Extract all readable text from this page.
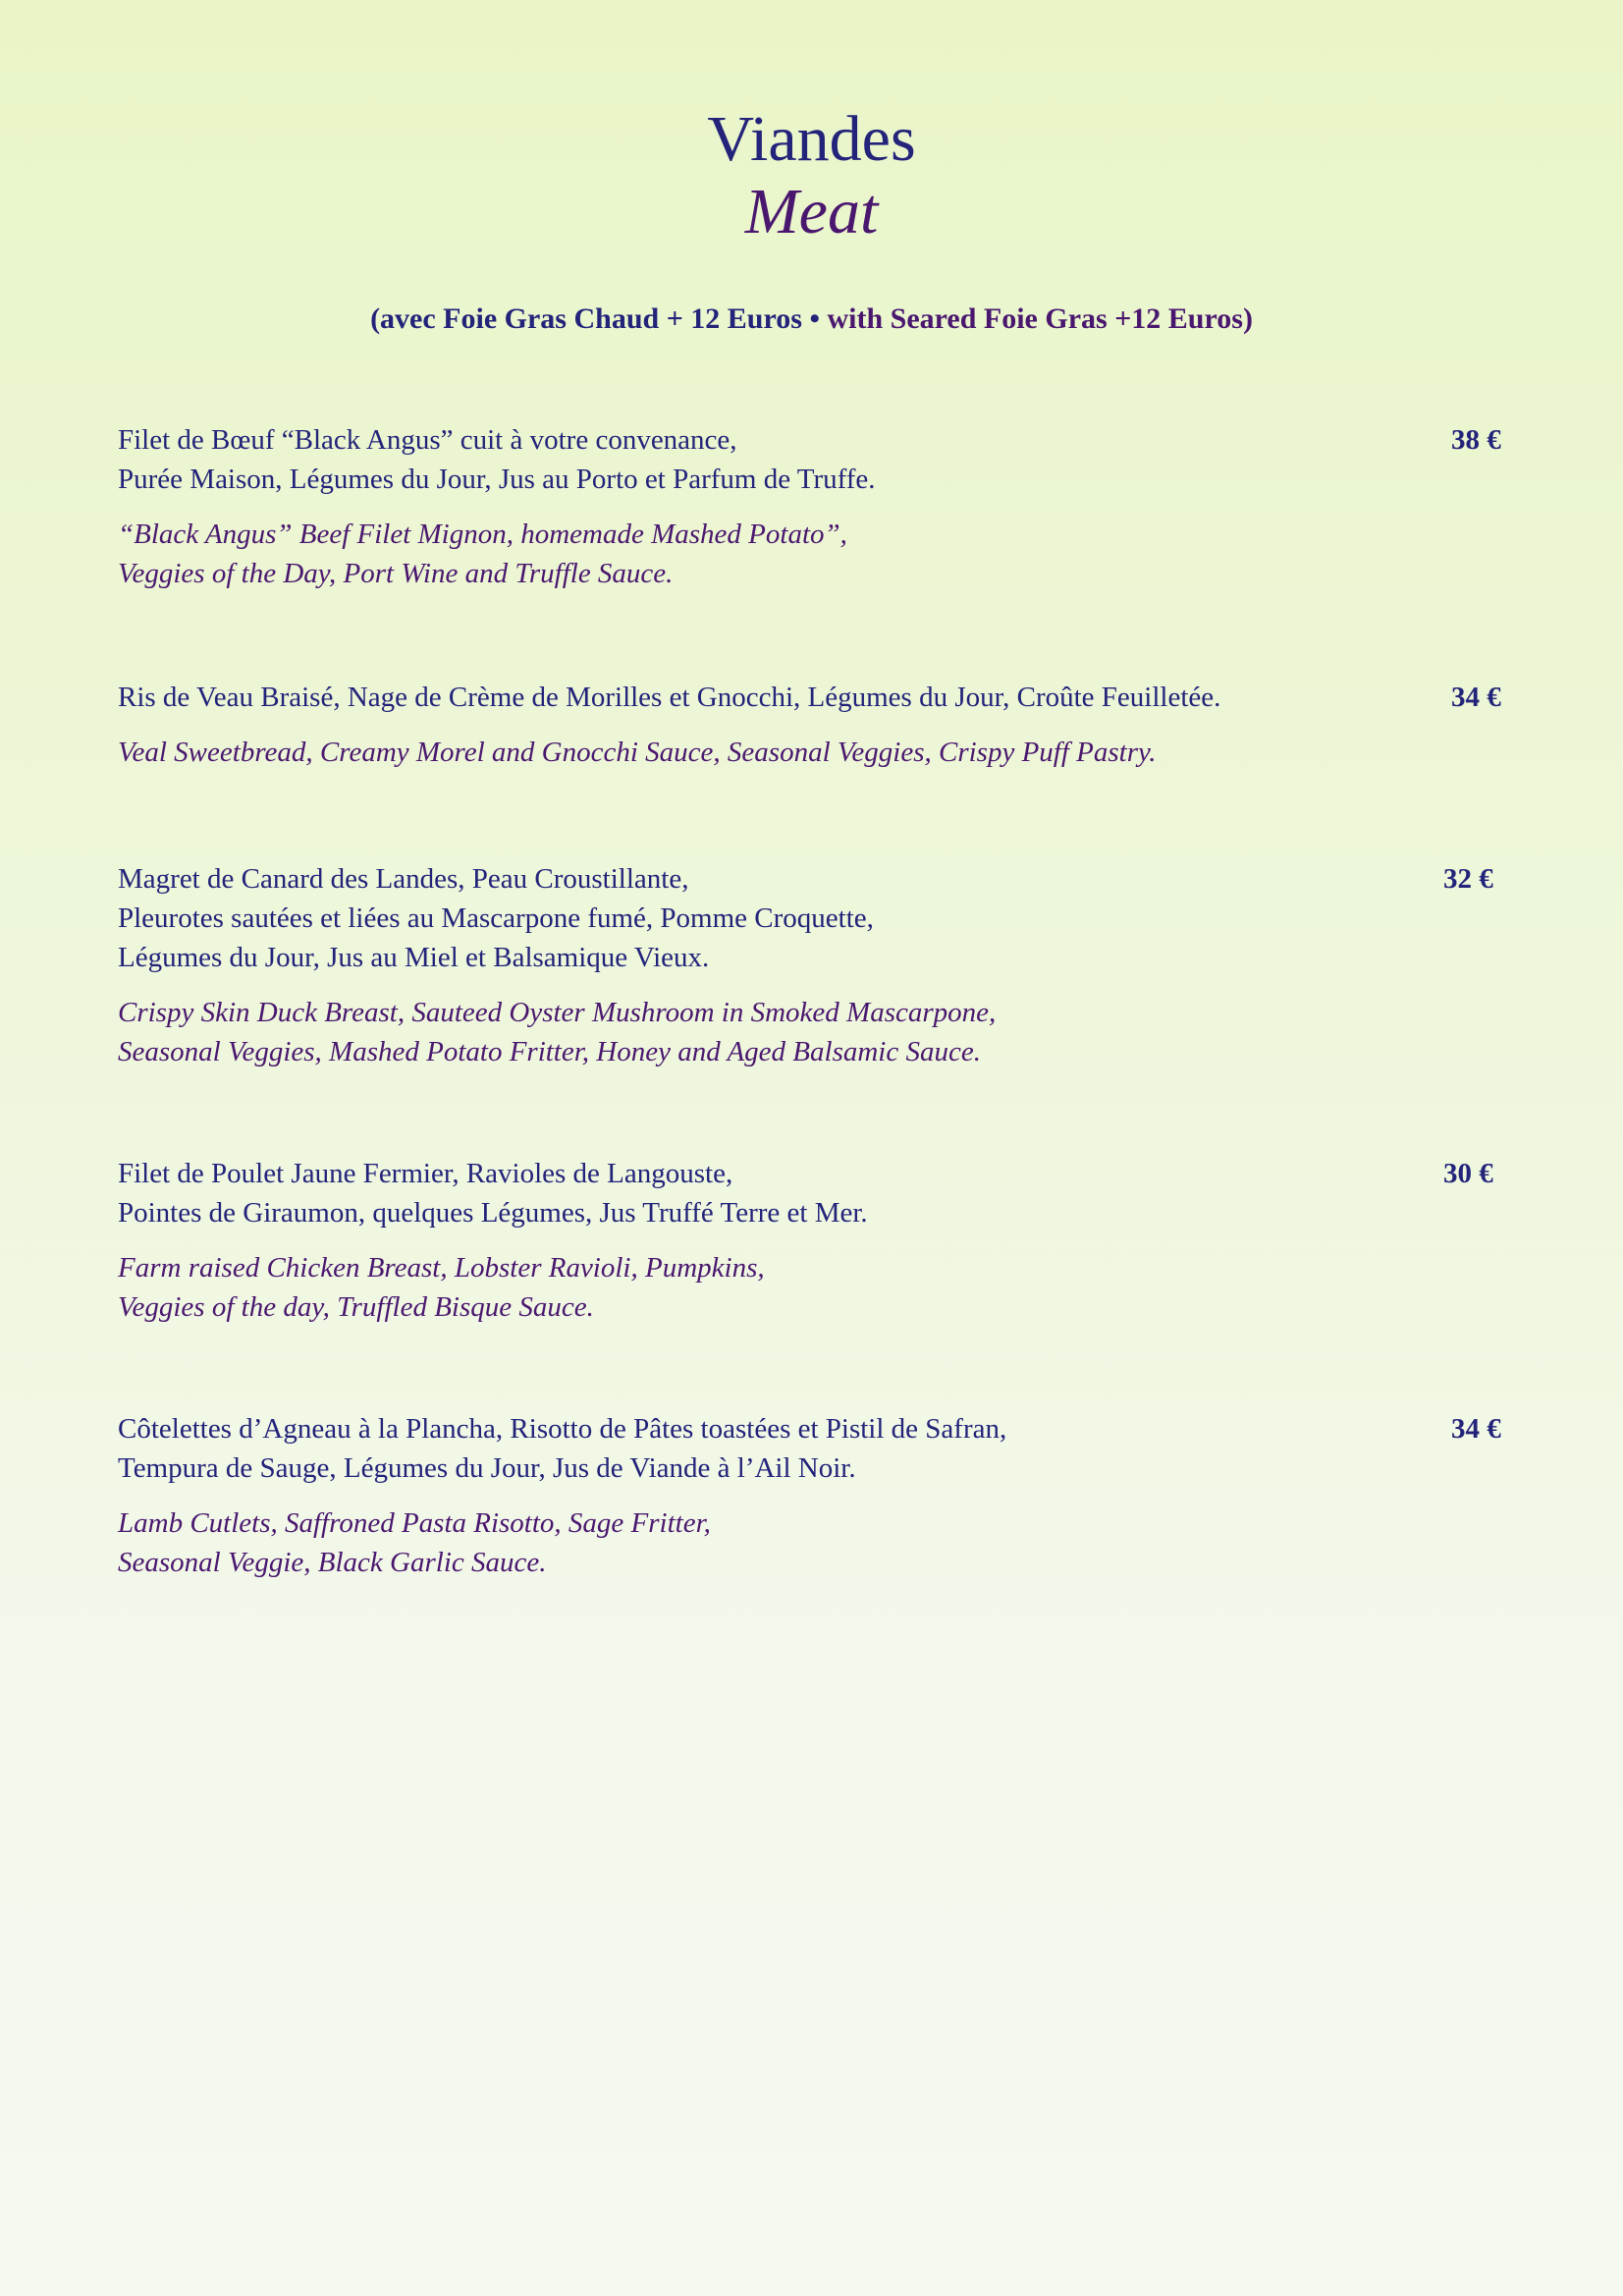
Viandes
Meat
(avec Foie Gras Chaud + 12 Euros • with Seared Foie Gras +12 Euros)
Filet de Bœuf “Black Angus” cuit à votre convenance,
Purée Maison, Légumes du Jour, Jus au Porto et Parfum de Truffe.
“Black Angus” Beef Filet Mignon, homemade Mashed Potato”,
Veggies of the Day, Port Wine and Truffle Sauce.
38 €
Ris de Veau Braisé, Nage de Crème de Morilles et Gnocchi, Légumes du Jour, Croûte Feuilletée.
Veal Sweetbread, Creamy Morel and Gnocchi Sauce, Seasonal Veggies, Crispy Puff Pastry.
34 €
Magret de Canard des Landes, Peau Croustillante,
Pleurotes sautées et liées au Mascarpone fumé, Pomme Croquette,
Légumes du Jour, Jus au Miel et Balsamique Vieux.
Crispy Skin Duck Breast, Sauteed Oyster Mushroom in Smoked Mascarpone,
Seasonal Veggies, Mashed Potato Fritter, Honey and Aged Balsamic Sauce.
32 €
Filet de Poulet Jaune Fermier, Ravioles de Langouste,
Pointes de Giraumon, quelques Légumes, Jus Truffé Terre et Mer.
Farm raised Chicken Breast, Lobster Ravioli, Pumpkins,
Veggies of the day, Truffled Bisque Sauce.
30 €
Côtelettes d’Agneau à la Plancha, Risotto de Pâtes toastées et Pistil de Safran,
Tempura de Sauge, Légumes du Jour, Jus de Viande à l’Ail Noir.
Lamb Cutlets, Saffroned Pasta Risotto, Sage Fritter,
Seasonal Veggie, Black Garlic Sauce.
34 €
